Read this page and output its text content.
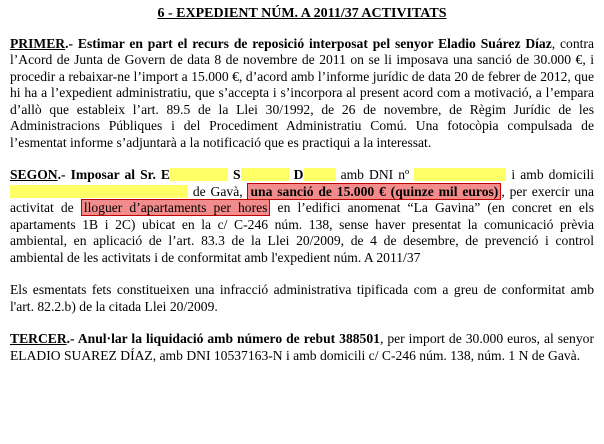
6 - EXPEDIENT NÚM. A 2011/37 ACTIVITATS

PRIMER.- Estimar en part el recurs de reposició interposat pel senyor Eladio Suárez Díaz, contra l’Acord de Junta de Govern de data 8 de novembre de 2011 on se li imposava una sanció de 30.000 €, i procedir a rebaixar-ne l’import a 15.000 €, d’acord amb l’informe jurídic de data 20 de febrer de 2012, que hi ha a l’expedient administratiu, que s’accepta i s’incorpora al present acord com a motivació, a l’empara d’allò que estableix l’art. 89.5 de la Llei 30/1992, de 26 de novembre, de Règim Jurídic de les Administracions Públiques i del Procediment Administratiu Comú. Una fotocòpia compulsada de l’esmentat informe s’adjuntarà a la notificació que es practiqui a la interessat.

SEGON.- Imposar al Sr. E	S	D	amb DNI nº	i amb domicili  de Gavà, una sanció de 15.000 € (quinze mil euros) , per exercir una activitat de lloguer d’apartaments per hores en l’edifici anomenat “La Gavina” (en concret en els apartaments 1B i 2C) ubicat en la c/ C-246 núm. 138, sense haver presentat la comunicació prèvia ambiental, en aplicació de l’art. 83.3 de la Llei 20/2009, de 4 de desembre, de prevenció i control ambiental de les activitats i de conformitat amb l'expedient núm. A 2011/37

Els esmentats fets constitueixen una infracció administrativa tipificada com a greu de conformitat amb l'art. 82.2.b) de la citada Llei 20/2009.

TERCER.- Anul·lar la liquidació amb número de rebut 388501, per import de 30.000 euros, al senyor ELADIO SUAREZ DÍAZ, amb DNI 10537163-N i amb domicili c/ C-246 núm. 138, núm. 1 N de Gavà.
